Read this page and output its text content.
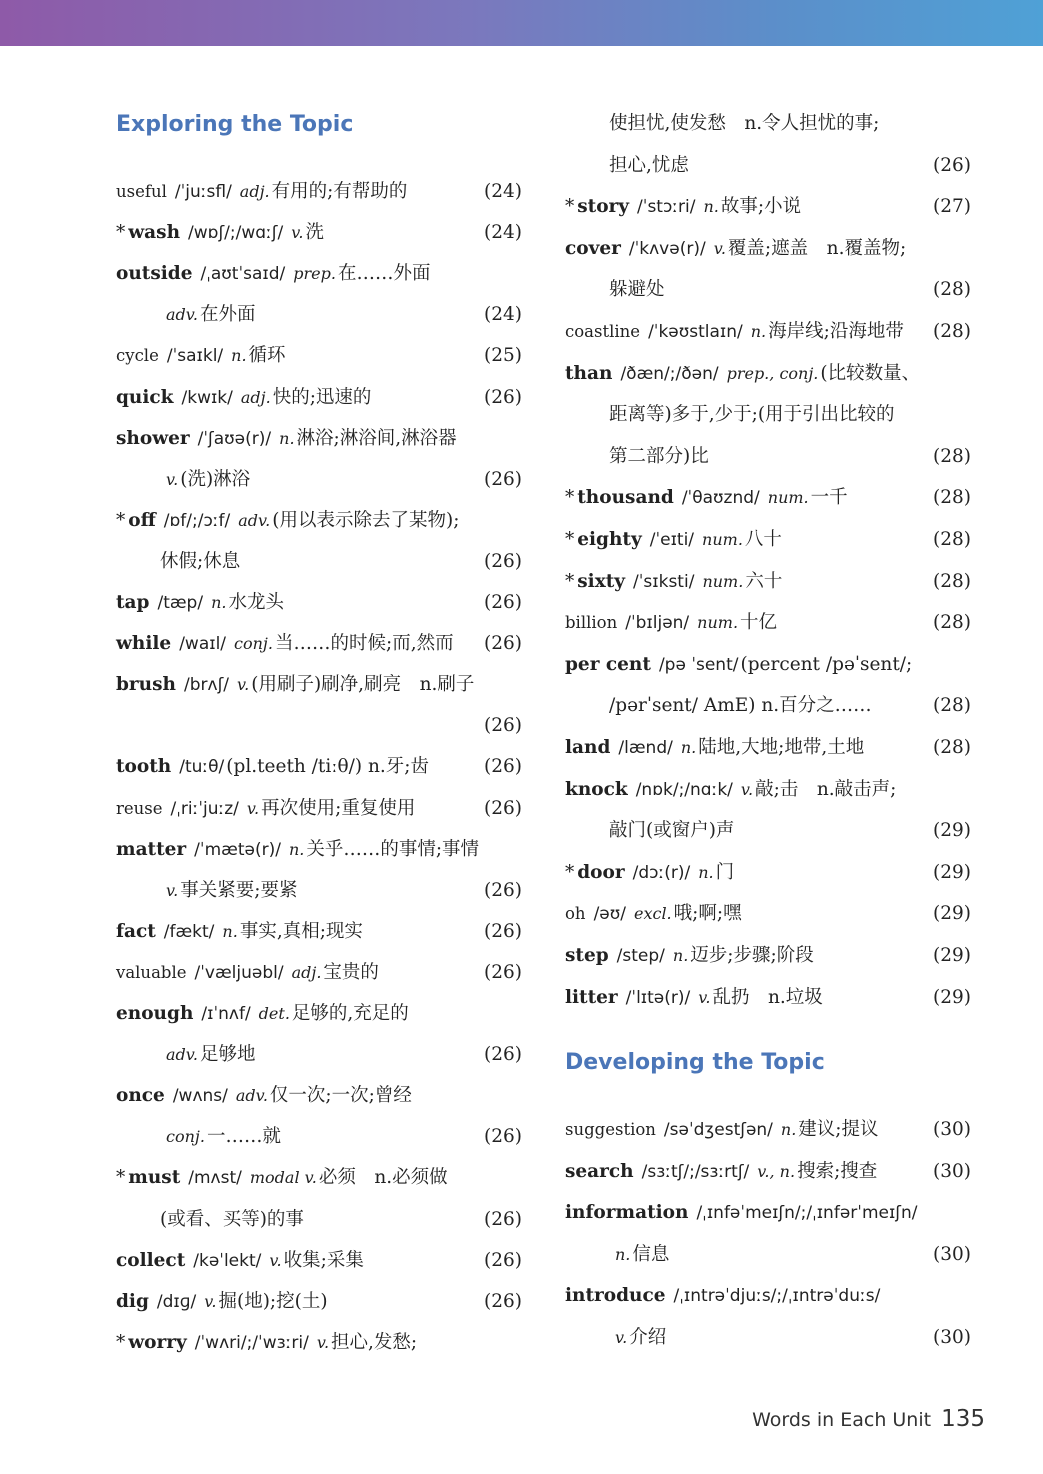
Exploring the Topic
useful /ˈjuːsfl/ adj. 有用的;有帮助的	(24)
* wash /wɒʃ/;/wɑːʃ/ v. 洗	(24)
outside /ˌaʊtˈsaɪd/ prep. 在……外面
adv. 在外面	(24)
cycle /ˈsaɪkl/ n. 循环	(25)
quick /kwɪk/ adj. 快的;迅速的	(26)
shower /ˈʃaʊə(r)/ n. 淋浴;淋浴间,淋浴器
v. (洗)淋浴	(26)
* off /ɒf/;/ɔːf/ adv. (用以表示除去了某物);
休假;休息	(26)
tap /tæp/ n. 水龙头	(26)
while /waɪl/ conj. 当……的时候;而,然而 (26)
brush /brʌʃ/ v. (用刷子)刷净,刷亮　n.刷子
(26)
tooth /tuːθ/ (pl.teeth /tiːθ/) n.牙;齿	(26)
reuse /ˌriːˈjuːz/ v. 再次使用;重复使用	(26)
matter /ˈmætə(r)/ n. 关乎……的事情;事情
v. 事关紧要;要紧	(26)
fact /fækt/ n. 事实,真相;现实	(26)
valuable /ˈvæljuəbl/ adj. 宝贵的	(26)
enough /ɪˈnʌf/ det. 足够的,充足的
adv. 足够地	(26)
once /wʌns/ adv. 仅一次;一次;曾经
conj. 一……就	(26)
* must /mʌst/ modal v. 必须　n.必须做
(或看、买等)的事	(26)
collect /kəˈlekt/ v. 收集;采集	(26)
dig /dɪɡ/ v. 掘(地);挖(土)	(26)
* worry /ˈwʌri/;/ˈwɜːri/ v. 担心,发愁;
使担忧,使发愁　n.令人担忧的事;
担心,忧虑	(26)
* story /ˈstɔːri/ n. 故事;小说	(27)
cover /ˈkʌvə(r)/ v. 覆盖;遮盖　n.覆盖物;
躲避处	(28)
coastline /ˈkəʊstlaɪn/ n. 海岸线;沿海地带 (28)
than /ðæn/;/ðən/ prep., conj. (比较数量、
距离等)多于,少于;(用于引出比较的
第二部分)比	(28)
* thousand /ˈθaʊznd/ num. 一千	(28)
* eighty /ˈeɪti/ num. 八十	(28)
* sixty /ˈsɪksti/ num. 六十	(28)
billion /ˈbɪljən/ num. 十亿	(28)
per cent /pə ˈsent/ (percent /pəˈsent/;
/pərˈsent/ AmE) n.百分之……	(28)
land /lænd/ n. 陆地,大地;地带,土地	(28)
knock /nɒk/;/nɑːk/ v. 敲;击　n.敲击声;
敲门(或窗户)声	(29)
* door /dɔː(r)/ n. 门	(29)
oh /əʊ/ excl. 哦;啊;嘿	(29)
step /step/ n. 迈步;步骤;阶段	(29)
litter /ˈlɪtə(r)/ v. 乱扔　n.垃圾	(29)
Developing the Topic
suggestion /səˈdʒestʃən/ n. 建议;提议	(30)
search /sɜːtʃ/;/sɜːrtʃ/ v., n. 搜索;搜查	(30)
information /ˌɪnfəˈmeɪʃn/;/ˌɪnfərˈmeɪʃn/
n. 信息	(30)
introduce /ˌɪntrəˈdjuːs/;/ˌɪntrəˈduːs/
v. 介绍	(30)
Words in Each Unit 135
